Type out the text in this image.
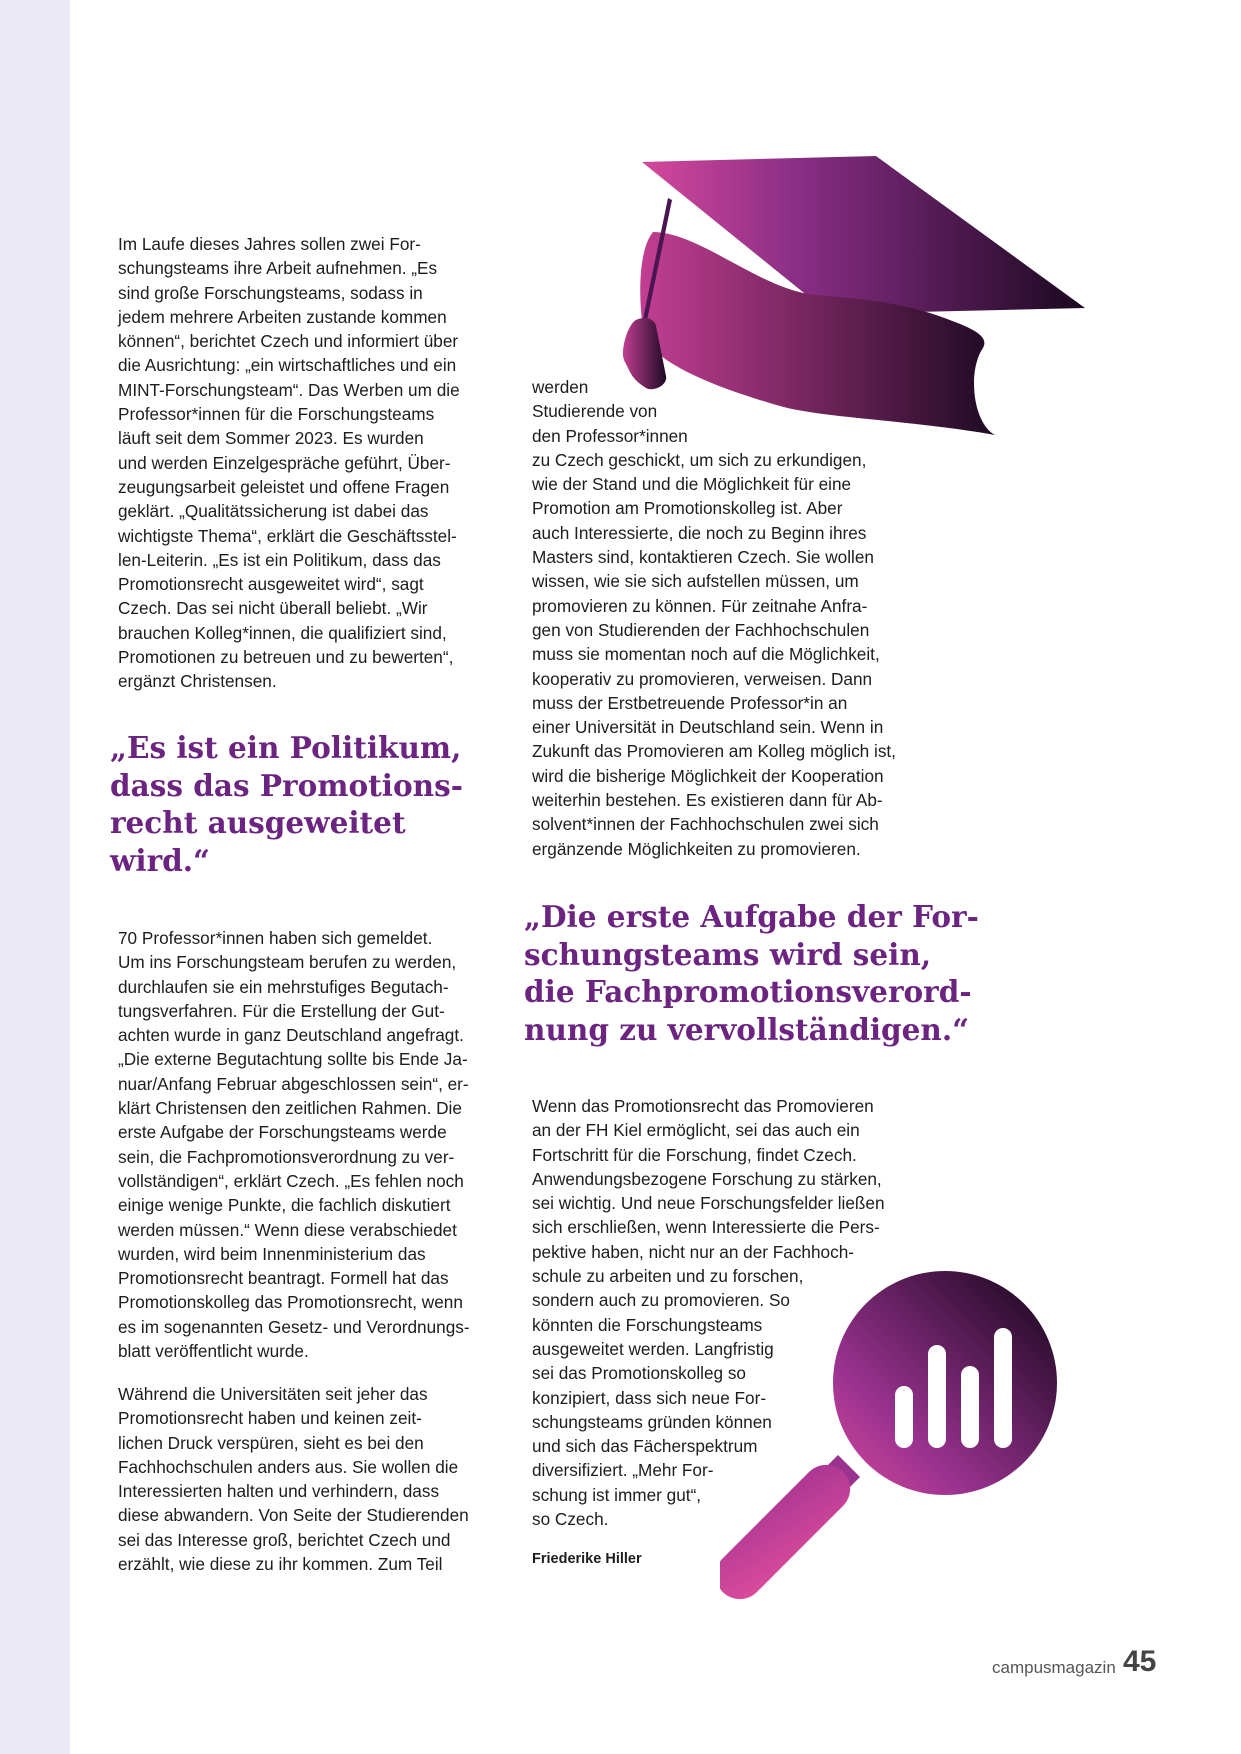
Im Laufe dieses Jahres sollen zwei For-
schungsteams ihre Arbeit aufnehmen. „Es
sind große Forschungsteams, sodass in
jedem mehrere Arbeiten zustande kommen
können“, berichtet Czech und informiert über
die Ausrichtung: „ein wirtschaftliches und ein
MINT-Forschungsteam“. Das Werben um die
Professor*innen für die Forschungsteams
läuft seit dem Sommer 2023. Es wurden
und werden Einzelgespräche geführt, Über-
zeugungsarbeit geleistet und offene Fragen
geklärt. „Qualitätssicherung ist dabei das
wichtigste Thema“, erklärt die Geschäftsstel-
len-Leiterin. „Es ist ein Politikum, dass das
Promotionsrecht ausgeweitet wird“, sagt
Czech. Das sei nicht überall beliebt. „Wir
brauchen Kolleg*innen, die qualifiziert sind,
Promotionen zu betreuen und zu bewerten“,
ergänzt Christensen.

„Es ist ein Politikum,
dass das Promotions-
recht ausgeweitet
wird.“

70 Professor*innen haben sich gemeldet.
Um ins Forschungsteam berufen zu werden,
durchlaufen sie ein mehrstufiges Begutach-
tungsverfahren. Für die Erstellung der Gut-
achten wurde in ganz Deutschland angefragt.
„Die externe Begutachtung sollte bis Ende Ja-
nuar/Anfang Februar abgeschlossen sein“, er-
klärt Christensen den zeitlichen Rahmen. Die
erste Aufgabe der Forschungsteams werde
sein, die Fachpromotionsverordnung zu ver-
vollständigen“, erklärt Czech. „Es fehlen noch
einige wenige Punkte, die fachlich diskutiert
werden müssen.“ Wenn diese verabschiedet
wurden, wird beim Innenministerium das
Promotionsrecht beantragt. Formell hat das
Promotionskolleg das Promotionsrecht, wenn
es im sogenannten Gesetz- und Verordnungs-
blatt veröffentlicht wurde.

Während die Universitäten seit jeher das
Promotionsrecht haben und keinen zeit-
lichen Druck verspüren, sieht es bei den
Fachhochschulen anders aus. Sie wollen die
Interessierten halten und verhindern, dass
diese abwandern. Von Seite der Studierenden
sei das Interesse groß, berichtet Czech und
erzählt, wie diese zu ihr kommen. Zum Teil

werden
Studierende von
den Professor*innen
zu Czech geschickt, um sich zu erkundigen,
wie der Stand und die Möglichkeit für eine
Promotion am Promotionskolleg ist. Aber
auch Interessierte, die noch zu Beginn ihres
Masters sind, kontaktieren Czech. Sie wollen
wissen, wie sie sich aufstellen müssen, um
promovieren zu können. Für zeitnahe Anfra-
gen von Studierenden der Fachhochschulen
muss sie momentan noch auf die Möglichkeit,
kooperativ zu promovieren, verweisen. Dann
muss der Erstbetreuende Professor*in an
einer Universität in Deutschland sein. Wenn in
Zukunft das Promovieren am Kolleg möglich ist,
wird die bisherige Möglichkeit der Kooperation
weiterhin bestehen. Es existieren dann für Ab-
solvent*innen der Fachhochschulen zwei sich
ergänzende Möglichkeiten zu promovieren.

„Die erste Aufgabe der For-
schungsteams wird sein,
die Fachpromotionsverord-
nung zu vervollständigen.“

Wenn das Promotionsrecht das Promovieren
an der FH Kiel ermöglicht, sei das auch ein
Fortschritt für die Forschung, findet Czech.
Anwendungsbezogene Forschung zu stärken,
sei wichtig. Und neue Forschungsfelder ließen
sich erschließen, wenn Interessierte die Pers-
pektive haben, nicht nur an der Fachhoch-
schule zu arbeiten und zu forschen,
sondern auch zu promovieren. So
könnten die Forschungsteams
ausgeweitet werden. Langfristig
sei das Promotionskolleg so
konzipiert, dass sich neue For-
schungsteams gründen können
und sich das Fächerspektrum
diversifiziert. „Mehr For-
schung ist immer gut“,
so Czech.

Friederike Hiller

campusmagazin 45
